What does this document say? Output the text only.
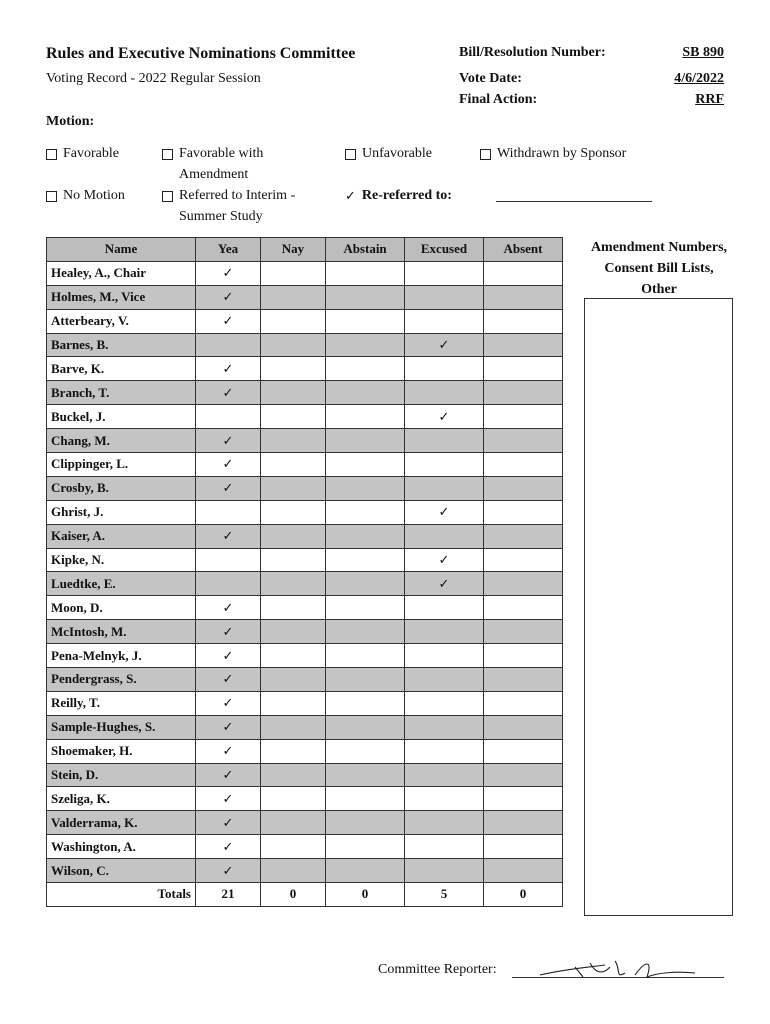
Rules and Executive Nominations Committee
Voting Record - 2022 Regular Session
Bill/Resolution Number:	SB 890
Vote Date:	4/6/2022
Final Action:	RRF
Motion:
Favorable	Favorable with Amendment
Unfavorable	Withdrawn by Sponsor
No Motion	Referred to Interim - Summer Study
✓ Re-referred to:
Name	Yea	Nay	Abstain	Excused	Absent
Healey, A., Chair	✓				
Holmes, M., Vice	✓				
Atterbeary, V.	✓				
Barnes, B.				✓	
Barve, K.	✓				
Branch, T.	✓				
Buckel, J.				✓	
Chang, M.	✓				
Clippinger, L.	✓				
Crosby, B.	✓				
Ghrist, J.				✓	
Kaiser, A.	✓				
Kipke, N.				✓	
Luedtke, E.				✓	
Moon, D.	✓				
McIntosh, M.	✓				
Pena-Melnyk, J.	✓				
Pendergrass, S.	✓				
Reilly, T.	✓				
Sample-Hughes, S.	✓				
Shoemaker, H.	✓				
Stein, D.	✓				
Szeliga, K.	✓				
Valderrama, K.	✓				
Washington, A.	✓				
Wilson, C.	✓				
Totals	21	0	0	5	0
Amendment Numbers,
Consent Bill Lists,
Other
Committee Reporter:
